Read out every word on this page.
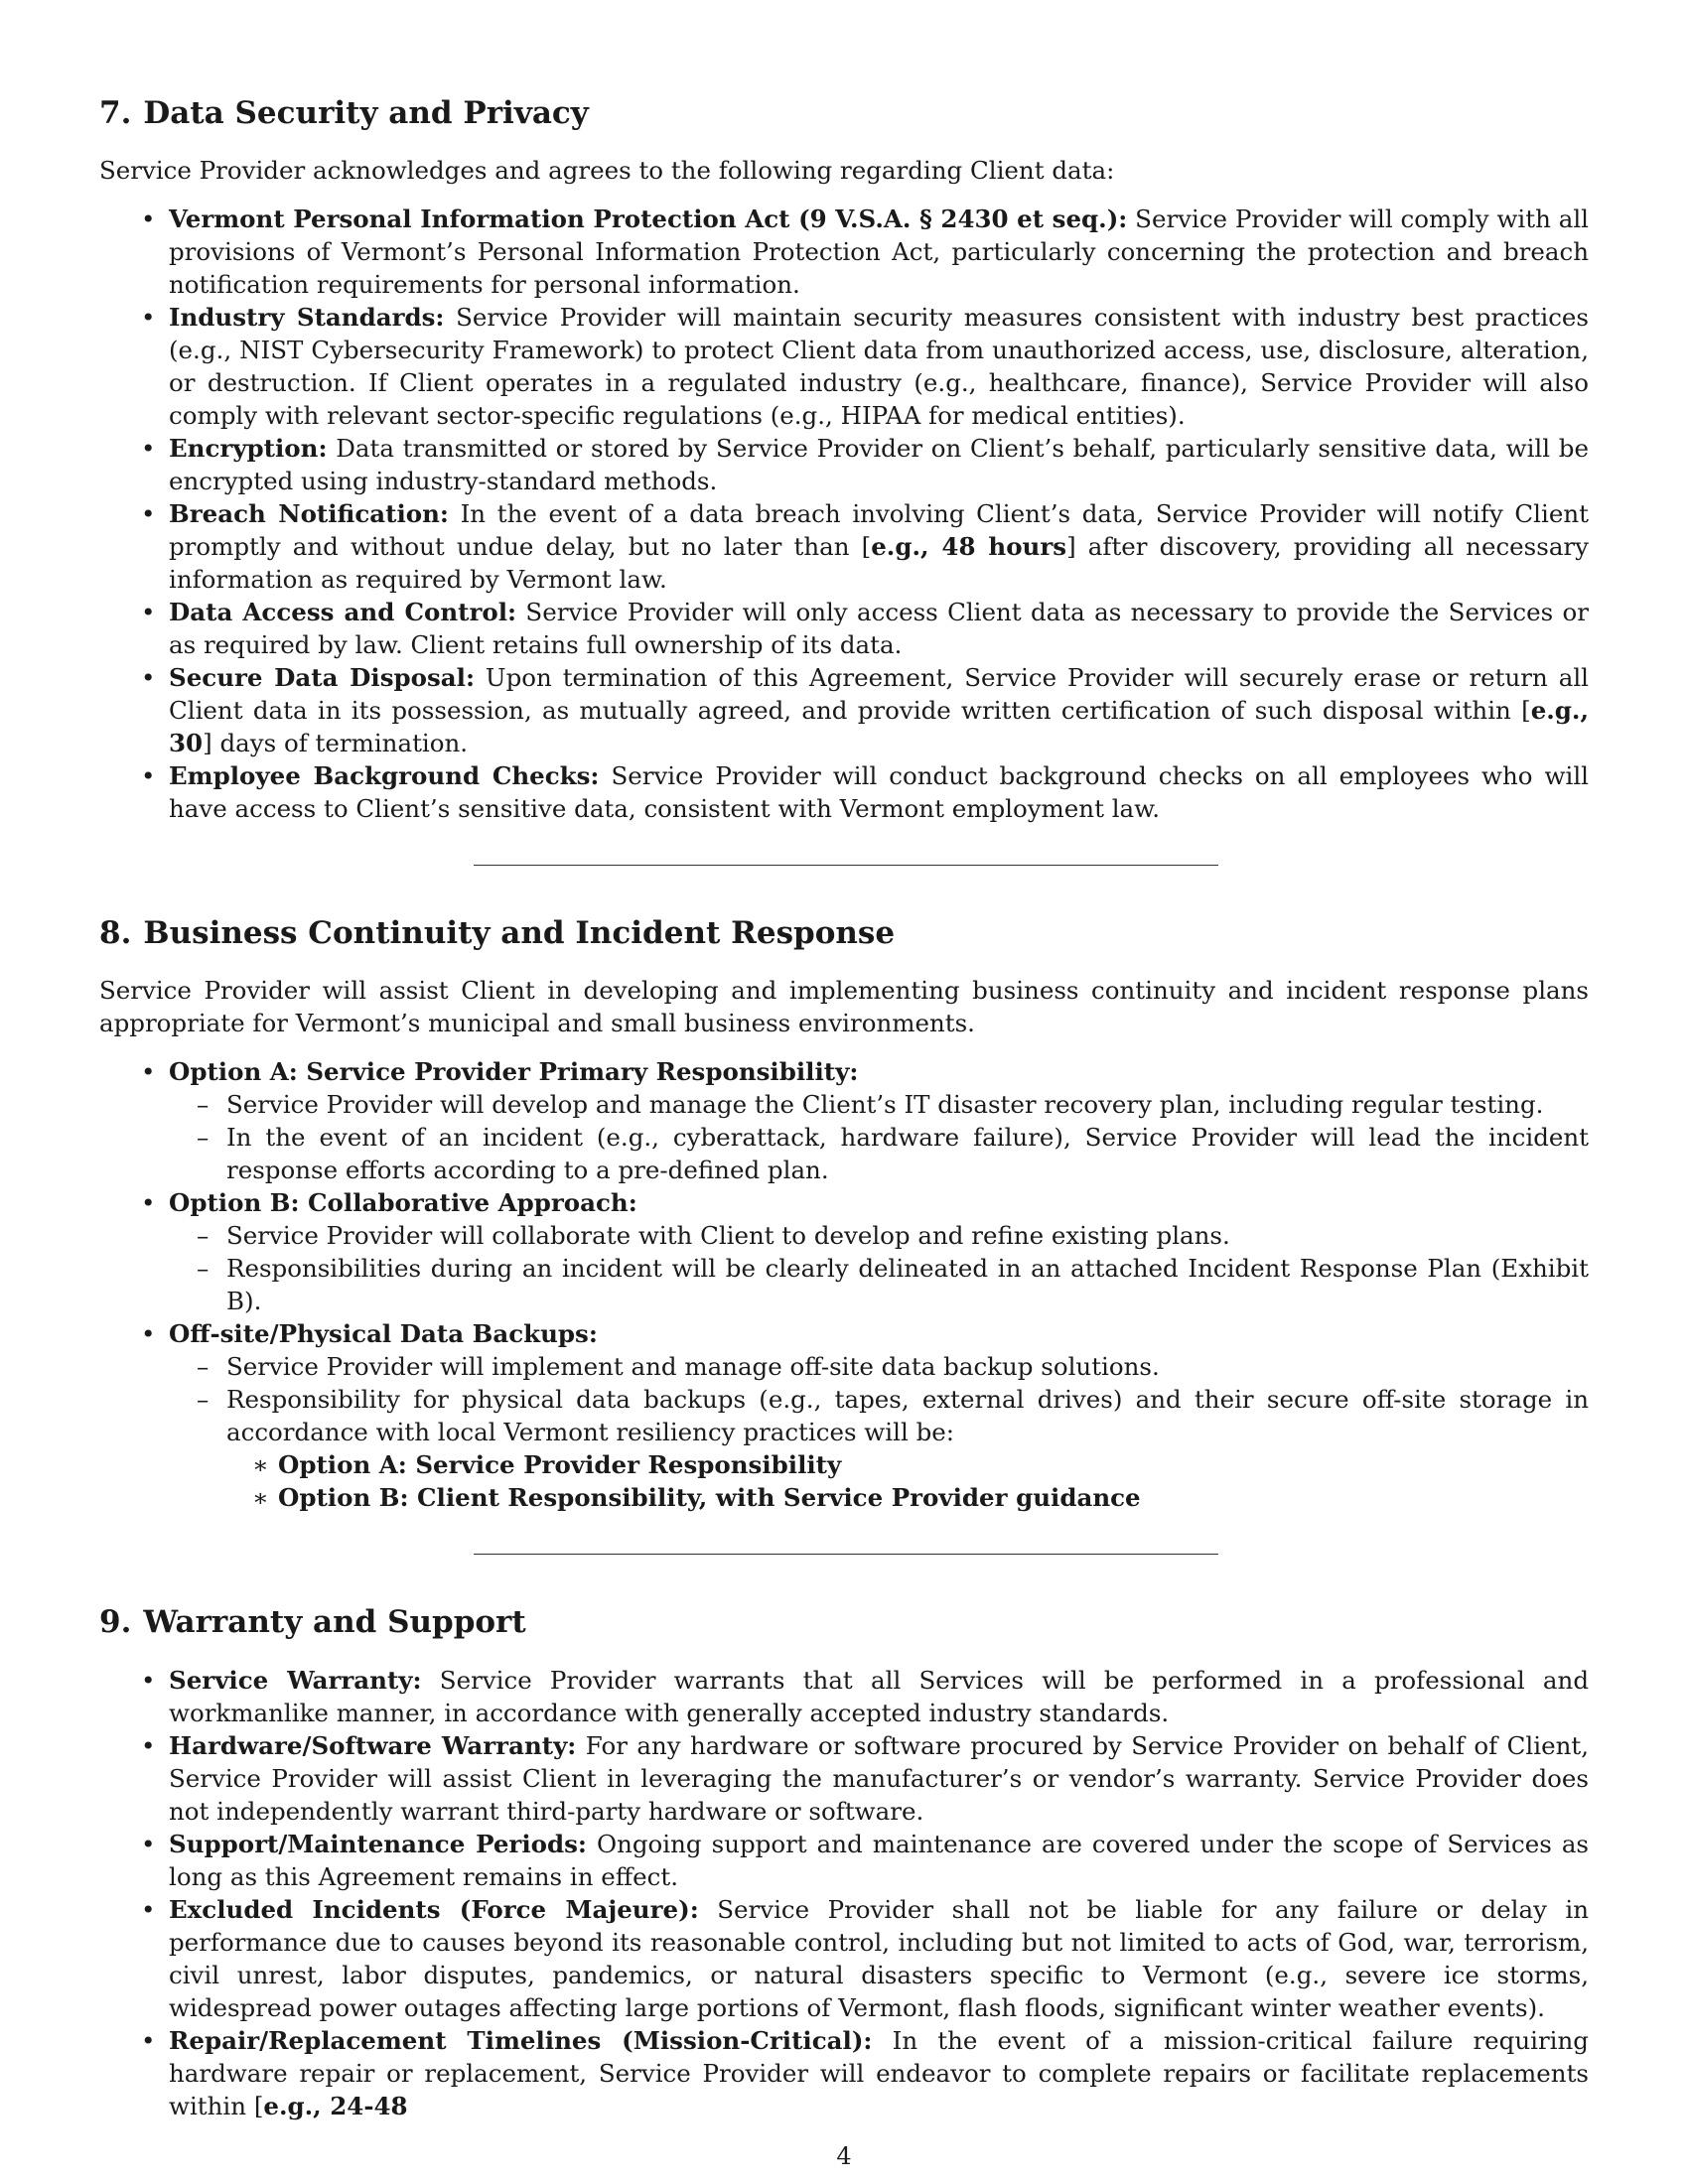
7. Data Security and Privacy

Service Provider acknowledges and agrees to the following regarding Client data:

• Vermont Personal Information Protection Act (9 V.S.A. § 2430 et seq.): Service Provider will comply with all provisions of Vermont’s Personal Information Protection Act, particularly concerning the protection and breach notification requirements for personal information.
• Industry Standards: Service Provider will maintain security measures consistent with industry best practices (e.g., NIST Cybersecurity Framework) to protect Client data from unauthorized access, use, disclosure, alteration, or destruction. If Client operates in a regulated industry (e.g., healthcare, finance), Service Provider will also comply with relevant sector-specific regulations (e.g., HIPAA for medical entities).
• Encryption: Data transmitted or stored by Service Provider on Client’s behalf, particularly sensitive data, will be encrypted using industry-standard methods.
• Breach Notification: In the event of a data breach involving Client’s data, Service Provider will notify Client promptly and without undue delay, but no later than [e.g., 48 hours] after discovery, providing all necessary information as required by Vermont law.
• Data Access and Control: Service Provider will only access Client data as necessary to provide the Services or as required by law. Client retains full ownership of its data.
• Secure Data Disposal: Upon termination of this Agreement, Service Provider will securely erase or return all Client data in its possession, as mutually agreed, and provide written certification of such disposal within [e.g., 30] days of termination.
• Employee Background Checks: Service Provider will conduct background checks on all employees who will have access to Client’s sensitive data, consistent with Vermont employment law.
8. Business Continuity and Incident Response

Service Provider will assist Client in developing and implementing business continuity and incident response plans appropriate for Vermont’s municipal and small business environments.

• Option A: Service Provider Primary Responsibility:
– Service Provider will develop and manage the Client’s IT disaster recovery plan, including regular testing.
– In the event of an incident (e.g., cyberattack, hardware failure), Service Provider will lead the incident response efforts according to a pre-defined plan.
• Option B: Collaborative Approach:
– Service Provider will collaborate with Client to develop and refine existing plans.
– Responsibilities during an incident will be clearly delineated in an attached Incident Response Plan (Exhibit B).
• Off-site/Physical Data Backups:
– Service Provider will implement and manage off-site data backup solutions.
– Responsibility for physical data backups (e.g., tapes, external drives) and their secure off-site storage in accordance with local Vermont resiliency practices will be:
∗ Option A: Service Provider Responsibility
∗ Option B: Client Responsibility, with Service Provider guidance
9. Warranty and Support
• Service Warranty: Service Provider warrants that all Services will be performed in a professional and workmanlike manner, in accordance with generally accepted industry standards.
• Hardware/Software Warranty: For any hardware or software procured by Service Provider on behalf of Client, Service Provider will assist Client in leveraging the manufacturer’s or vendor’s warranty. Service Provider does not independently warrant third-party hardware or software.
• Support/Maintenance Periods: Ongoing support and maintenance are covered under the scope of Services as long as this Agreement remains in effect.
• Excluded Incidents (Force Majeure): Service Provider shall not be liable for any failure or delay in performance due to causes beyond its reasonable control, including but not limited to acts of God, war, terrorism, civil unrest, labor disputes, pandemics, or natural disasters specific to Vermont (e.g., severe ice storms, widespread power outages affecting large portions of Vermont, flash floods, significant winter weather events).
• Repair/Replacement Timelines (Mission-Critical): In the event of a mission-critical failure requiring hardware repair or replacement, Service Provider will endeavor to complete repairs or facilitate replacements within [e.g., 24-48
4
